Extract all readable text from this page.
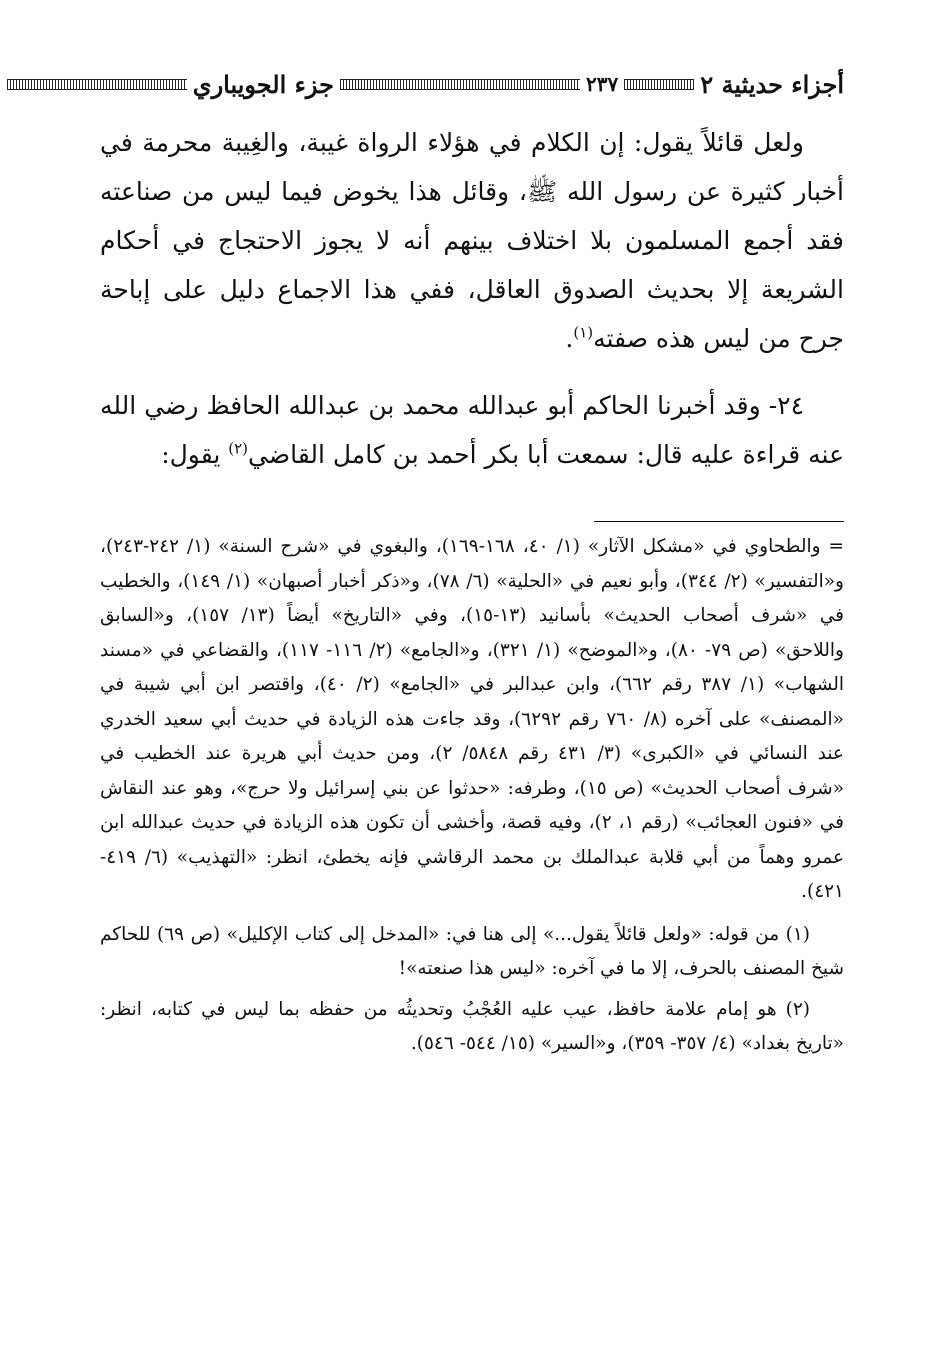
أجزاء حديثية ٢
٢٣٧
جزء الجويباري

ولعل قائلاً يقول: إن الكلام في هؤلاء الرواة غيبة، والغِيبة محرمة في أخبار كثيرة عن رسول الله ﷺ، وقائل هذا يخوض فيما ليس من صناعته فقد أجمع المسلمون بلا اختلاف بينهم أنه لا يجوز الاحتجاج في أحكام الشريعة إلا بحديث الصدوق العاقل، ففي هذا الاجماع دليل على إباحة جرح من ليس هذه صفته$^{(١)}$.

٢٤- وقد أخبرنا الحاكم أبو عبدالله محمد بن عبدالله الحافظ رضي الله عنه قراءة عليه قال: سمعت أبا بكر أحمد بن كامل القاضي$^{(٢)}$ يقول:

= والطحاوي في «مشكل الآثار» (١/ ٤٠، ١٦٨-١٦٩)، والبغوي في «شرح السنة» (١/ ٢٤٢-٢٤٣)، و«التفسير» (٢/ ٣٤٤)، وأبو نعيم في «الحلية» (٦/ ٧٨)، و«ذكر أخبار أصبهان» (١/ ١٤٩)، والخطيب في «شرف أصحاب الحديث» بأسانيد (١٣-١٥)، وفي «التاريخ» أيضاً (١٣/ ١٥٧)، و«السابق واللاحق» (ص ٧٩- ٨٠)، و«الموضح» (١/ ٣٢١)، و«الجامع» (٢/ ١١٦- ١١٧)، والقضاعي في «مسند الشهاب» (١/ ٣٨٧ رقم ٦٦٢)، وابن عبدالبر في «الجامع» (٢/ ٤٠)، واقتصر ابن أبي شيبة في «المصنف» على آخره (٨/ ٧٦٠ رقم ٦٢٩٢)، وقد جاءت هذه الزيادة في حديث أبي سعيد الخدري عند النسائي في «الكبرى» (٣/ ٤٣١ رقم ٥٨٤٨/ ٢)، ومن حديث أبي هريرة عند الخطيب في «شرف أصحاب الحديث» (ص ١٥)، وطرفه: «حدثوا عن بني إسرائيل ولا حرج»، وهو عند النقاش في «فنون العجائب» (رقم ١، ٢)، وفيه قصة، وأخشى أن تكون هذه الزيادة في حديث عبدالله ابن عمرو وهماً من أبي قلابة عبدالملك بن محمد الرقاشي فإنه يخطئ، انظر: «التهذيب» (٦/ ٤١٩- ٤٢١).

(١) من قوله: «ولعل قائلاً يقول...» إلى هنا في: «المدخل إلى كتاب الإكليل» (ص ٦٩) للحاكم شيخ المصنف بالحرف، إلا ما في آخره: «ليس هذا صنعته»!

(٢) هو إمام علامة حافظ، عيب عليه العُجْبُ وتحديثُه من حفظه بما ليس في كتابه، انظر: «تاريخ بغداد» (٤/ ٣٥٧- ٣٥٩)، و«السير» (١٥/ ٥٤٤- ٥٤٦).
